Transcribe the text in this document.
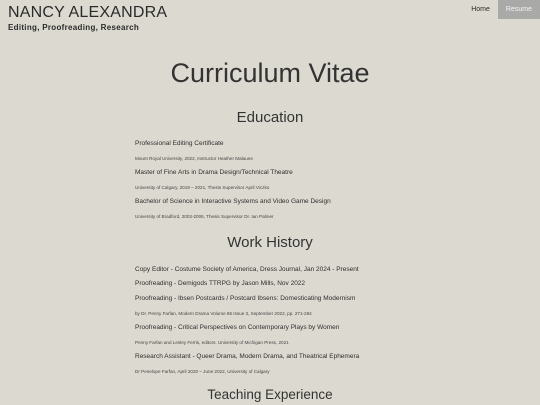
NANCY ALEXANDRA
Editing, Proofreading, Research
Home	Resume
Curriculum Vitae
Education
Professional Editing Certificate
Mount Royal University, 2022, Instructor Heather Malaune
Master of Fine Arts in Drama Design/Technical Theatre
University of Calgary, 2019 – 2021, Thesis Supervisor April Viczko
Bachelor of Science in Interactive Systems and Video Game Design
University of Bradford, 2003-2006, Thesis Supervisor Dr. Ian Palmer
Work History
Copy Editor - Costume Society of America, Dress Journal, Jan 2024 - Present
Proofreading - Demigods TTRPG by Jason Mills, Nov 2022
Proofreading - Ibsen Postcards / Postcard Ibsens: Domesticating Modernism
by Dr. Penny Farfan, Modern Drama Volume 65 Issue 3, September 2022, pp. 271-284
Proofreading - Critical Perspectives on Contemporary Plays by Women
Penny Farfan and Lesley Ferris, editors. University of Michigan Press, 2021
Research Assistant - Queer Drama, Modern Drama, and Theatrical Ephemera
Dr Penelope Farfan, April 2020 – June 2022, University of Calgary
Teaching Experience
